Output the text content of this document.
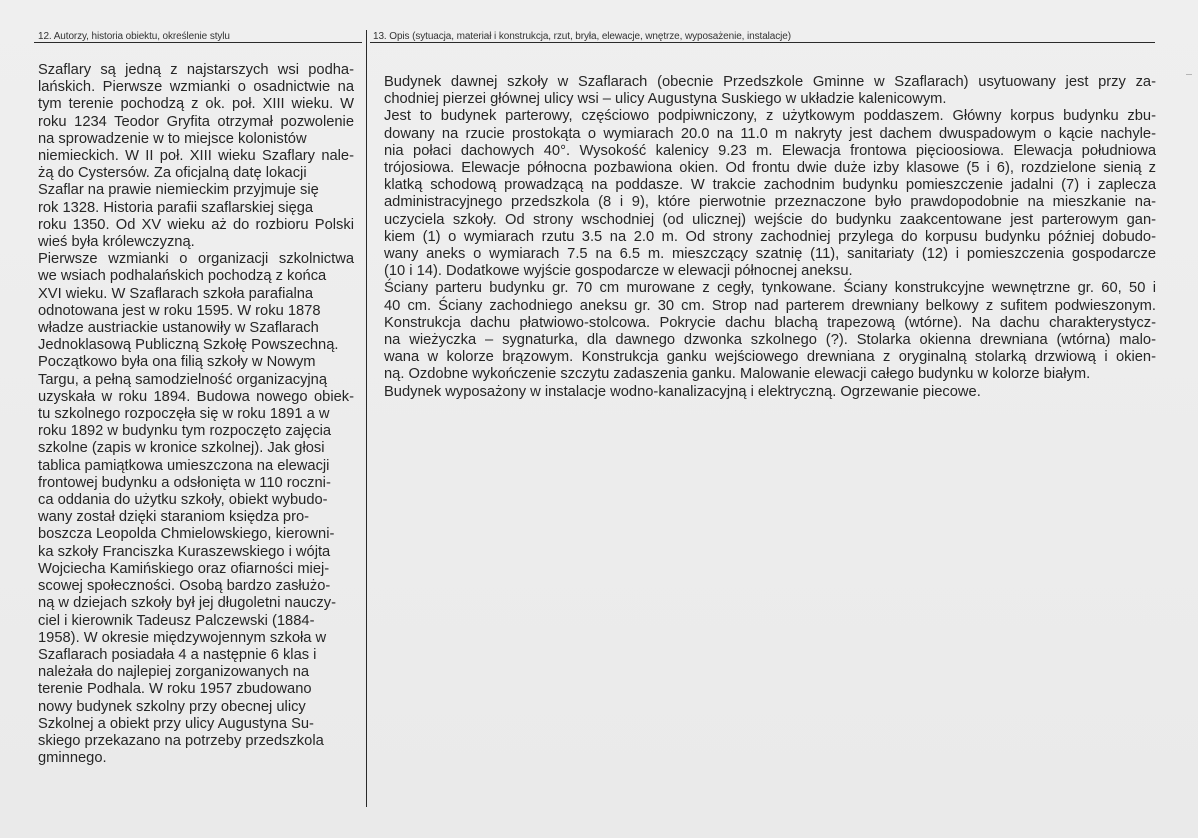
12. Autorzy, historia obiektu, określenie stylu	13. Opis (sytuacja, materiał i konstrukcja, rzut, bryła, elewacje, wnętrze, wyposażenie, instalacje)
Szaflary są jedną z najstarszych wsi podha-
lańskich. Pierwsze wzmianki o osadnictwie na
tym terenie pochodzą z ok. poł. XIII wieku. W
roku 1234 Teodor Gryfita otrzymał pozwolenie
na sprowadzenie w to miejsce kolonistów
niemieckich. W II poł. XIII wieku Szaflary nale-
żą do Cystersów. Za oficjalną datę lokacji
Szaflar na prawie niemieckim przyjmuje się
rok 1328. Historia parafii szaflarskiej sięga
roku 1350. Od XV wieku aż do rozbioru Polski
wieś była królewczyzną.
Pierwsze wzmianki o organizacji szkolnictwa
we wsiach podhalańskich pochodzą z końca
XVI wieku. W Szaflarach szkoła parafialna
odnotowana jest w roku 1595. W roku 1878
władze austriackie ustanowiły w Szaflarach
Jednoklasową Publiczną Szkołę Powszechną.
Początkowo była ona filią szkoły w Nowym
Targu, a pełną samodzielność organizacyjną
uzyskała w roku 1894. Budowa nowego obiek-
tu szkolnego rozpoczęła się w roku 1891 a w
roku 1892 w budynku tym rozpoczęto zajęcia
szkolne (zapis w kronice szkolnej). Jak głosi
tablica pamiątkowa umieszczona na elewacji
frontowej budynku a odsłonięta w 110 roczni-
ca oddania do użytku szkoły, obiekt wybudo-
wany został dzięki staraniom księdza pro-
boszcza Leopolda Chmielowskiego, kierowni-
ka szkoły Franciszka Kuraszewskiego i wójta
Wojciecha Kamińskiego oraz ofiarności miej-
scowej społeczności. Osobą bardzo zasłużo-
ną w dziejach szkoły był jej długoletni nauczy-
ciel i kierownik Tadeusz Palczewski (1884-
1958). W okresie międzywojennym szkoła w
Szaflarach posiadała 4 a następnie 6 klas i
należała do najlepiej zorganizowanych na
terenie Podhala. W roku 1957 zbudowano
nowy budynek szkolny przy obecnej ulicy
Szkolnej a obiekt przy ulicy Augustyna Su-
skiego przekazano na potrzeby przedszkola
gminnego.
Budynek dawnej szkoły w Szaflarach (obecnie Przedszkole Gminne w Szaflarach) usytuowany jest przy za-
chodniej pierzei głównej ulicy wsi – ulicy Augustyna Suskiego w układzie kalenicowym.
Jest to budynek parterowy, częściowo podpiwniczony, z użytkowym poddaszem. Główny korpus budynku zbu-
dowany na rzucie prostokąta o wymiarach 20.0 na 11.0 m nakryty jest dachem dwuspadowym o kącie nachyle-
nia połaci dachowych 40°. Wysokość kalenicy 9.23 m. Elewacja frontowa pięcioosiowa. Elewacja południowa
trójosiowa. Elewacje północna pozbawiona okien. Od frontu dwie duże izby klasowe (5 i 6), rozdzielone sienią z
klatką schodową prowadzącą na poddasze. W trakcie zachodnim budynku pomieszczenie jadalni (7) i zaplecza
administracyjnego przedszkola (8 i 9), które pierwotnie przeznaczone było prawdopodobnie na mieszkanie na-
uczyciela szkoły. Od strony wschodniej (od ulicznej) wejście do budynku zaakcentowane jest parterowym gan-
kiem (1) o wymiarach rzutu 3.5 na 2.0 m. Od strony zachodniej przylega do korpusu budynku później dobudo-
wany aneks o wymiarach 7.5 na 6.5 m. mieszczący szatnię (11), sanitariaty (12) i pomieszczenia gospodarcze
(10 i 14). Dodatkowe wyjście gospodarcze w elewacji północnej aneksu.
Ściany parteru budynku gr. 70 cm murowane z cegły, tynkowane. Ściany konstrukcyjne wewnętrzne gr. 60, 50 i
40 cm. Ściany zachodniego aneksu gr. 30 cm. Strop nad parterem drewniany belkowy z sufitem podwieszonym.
Konstrukcja dachu płatwiowo-stolcowa. Pokrycie dachu blachą trapezową (wtórne). Na dachu charakterystycz-
na wieżyczka – sygnaturka, dla dawnego dzwonka szkolnego (?). Stolarka okienna drewniana (wtórna) malo-
wana w kolorze brązowym. Konstrukcja ganku wejściowego drewniana z oryginalną stolarką drzwiową i okien-
ną. Ozdobne wykończenie szczytu zadaszenia ganku. Malowanie elewacji całego budynku w kolorze białym.
Budynek wyposażony w instalacje wodno-kanalizacyjną i elektryczną. Ogrzewanie piecowe.
